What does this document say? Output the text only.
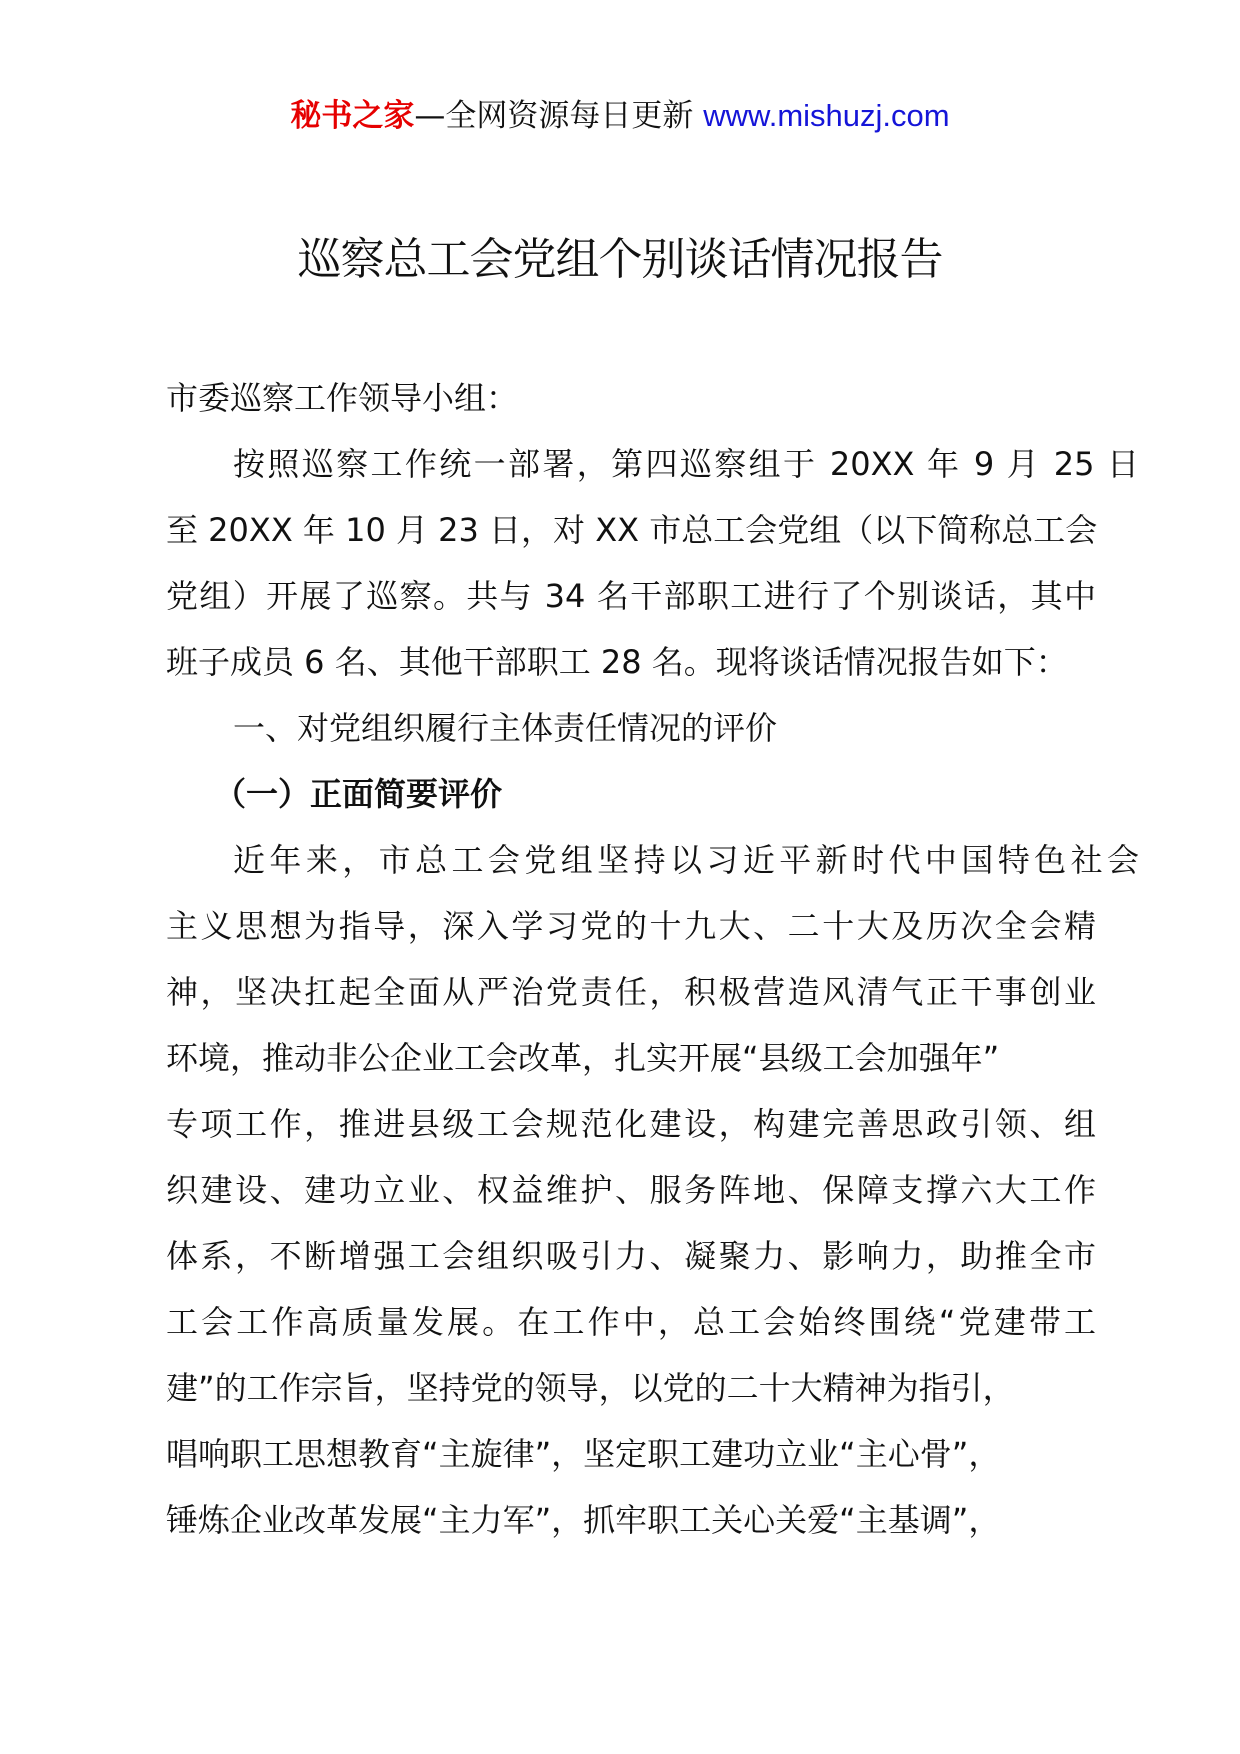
秘书之家—全网资源每日更新 www.mishuzj.com
巡察总工会党组个别谈话情况报告
市委巡察工作领导小组：
按照巡察工作统一部署，第四巡察组于 20XX 年 9 月 25 日
至 20XX 年 10 月 23 日，对 XX 市总工会党组（以下简称总工会
党组）开展了巡察。共与 34 名干部职工进行了个别谈话，其中
班子成员 6 名、其他干部职工 28 名。现将谈话情况报告如下：
一、对党组织履行主体责任情况的评价
（一）正面简要评价
近年来，市总工会党组坚持以习近平新时代中国特色社会
主义思想为指导，深入学习党的十九大、二十大及历次全会精
神，坚决扛起全面从严治党责任，积极营造风清气正干事创业
环境，推动非公企业工会改革，扎实开展“县级工会加强年”
专项工作，推进县级工会规范化建设，构建完善思政引领、组
织建设、建功立业、权益维护、服务阵地、保障支撑六大工作
体系，不断增强工会组织吸引力、凝聚力、影响力，助推全市
工会工作高质量发展。在工作中，总工会始终围绕“党建带工
建”的工作宗旨，坚持党的领导，以党的二十大精神为指引，
唱响职工思想教育“主旋律”，坚定职工建功立业“主心骨”，
锤炼企业改革发展“主力军”，抓牢职工关心关爱“主基调”，
